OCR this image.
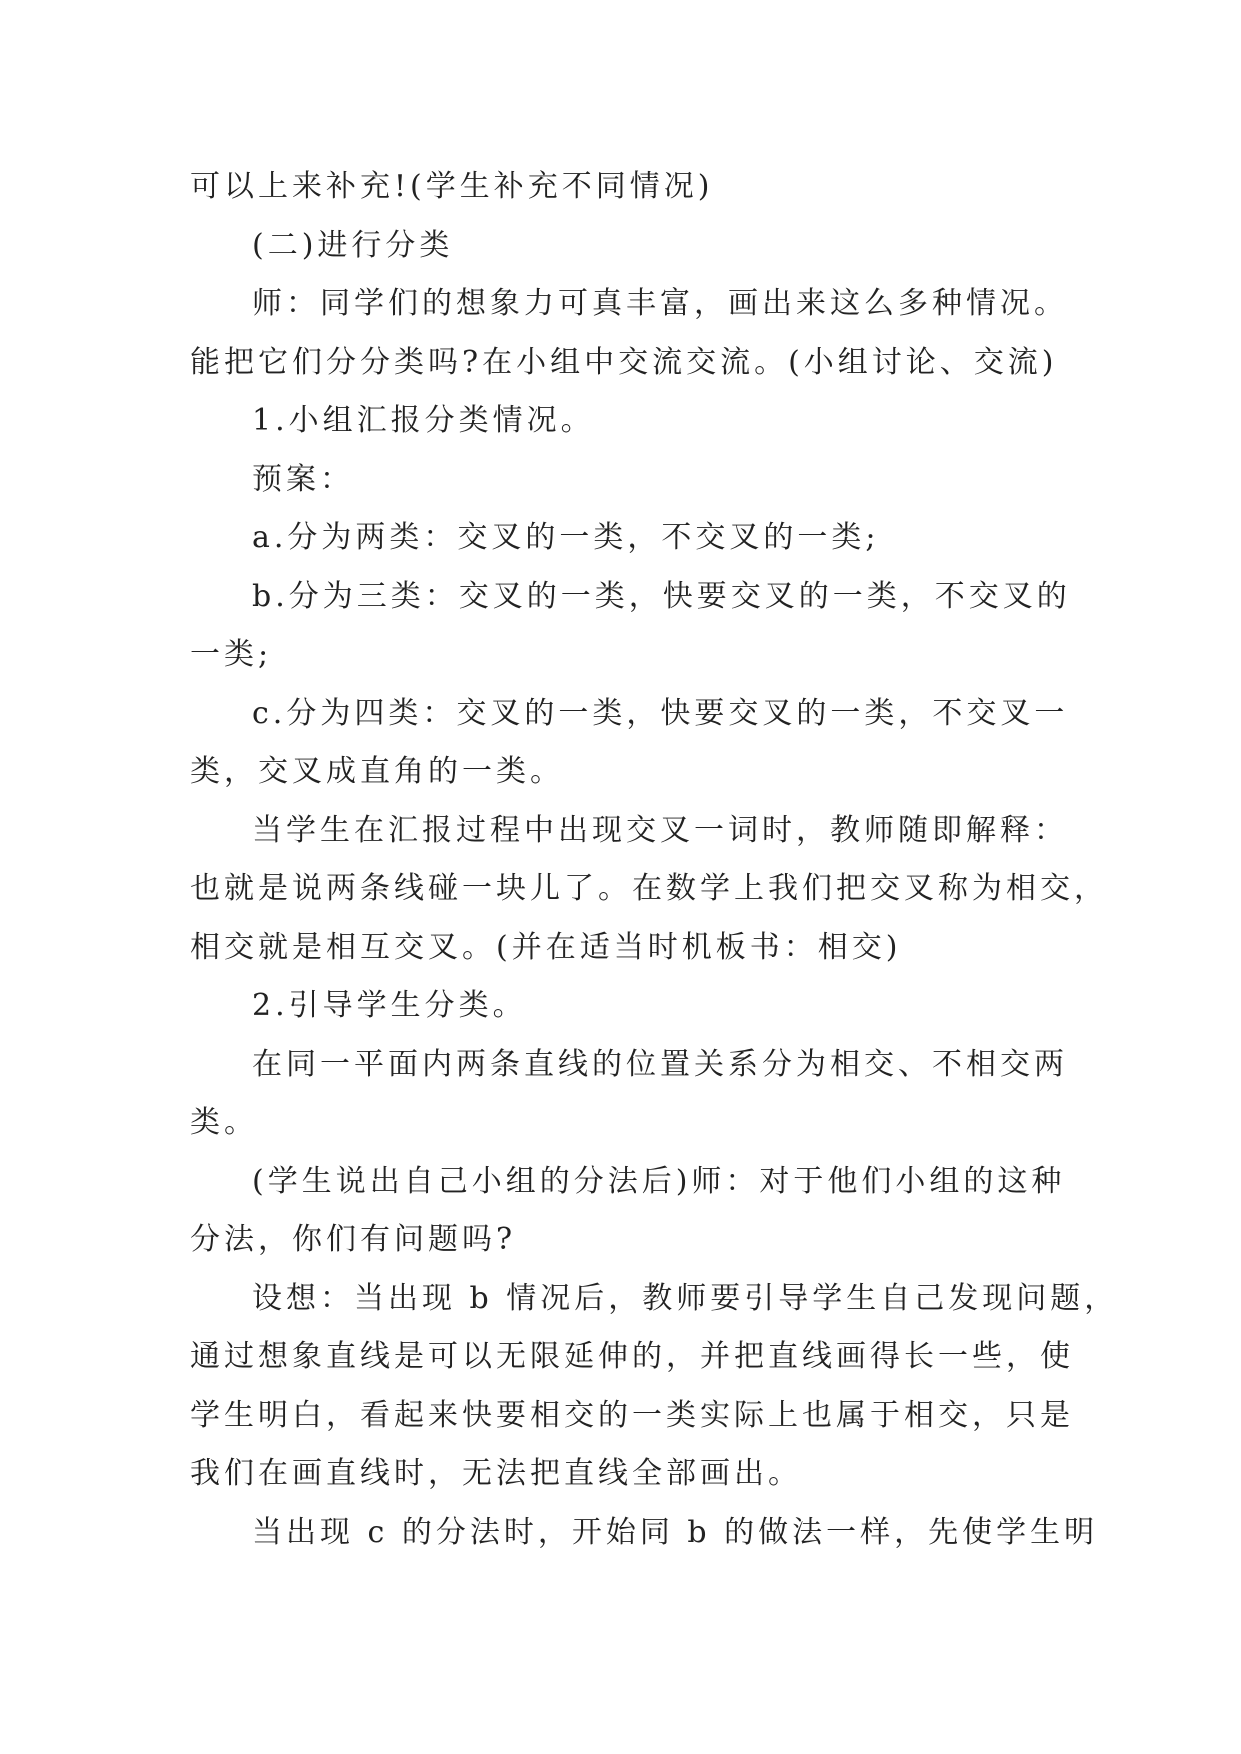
可以上来补充!(学生补充不同情况)
(二)进行分类
师：同学们的想象力可真丰富，画出来这么多种情况。
能把它们分分类吗?在小组中交流交流。(小组讨论、交流)
1.小组汇报分类情况。
预案：
a.分为两类：交叉的一类，不交叉的一类;
b.分为三类：交叉的一类，快要交叉的一类，不交叉的
一类;
c.分为四类：交叉的一类，快要交叉的一类，不交叉一
类，交叉成直角的一类。
当学生在汇报过程中出现交叉一词时，教师随即解释：
也就是说两条线碰一块儿了。在数学上我们把交叉称为相交，
相交就是相互交叉。(并在适当时机板书：相交)
2.引导学生分类。
在同一平面内两条直线的位置关系分为相交、不相交两
类。
(学生说出自己小组的分法后)师：对于他们小组的这种
分法，你们有问题吗?
设想：当出现 b 情况后，教师要引导学生自己发现问题，
通过想象直线是可以无限延伸的，并把直线画得长一些，使
学生明白，看起来快要相交的一类实际上也属于相交，只是
我们在画直线时，无法把直线全部画出。
当出现 c 的分法时，开始同 b 的做法一样，先使学生明
